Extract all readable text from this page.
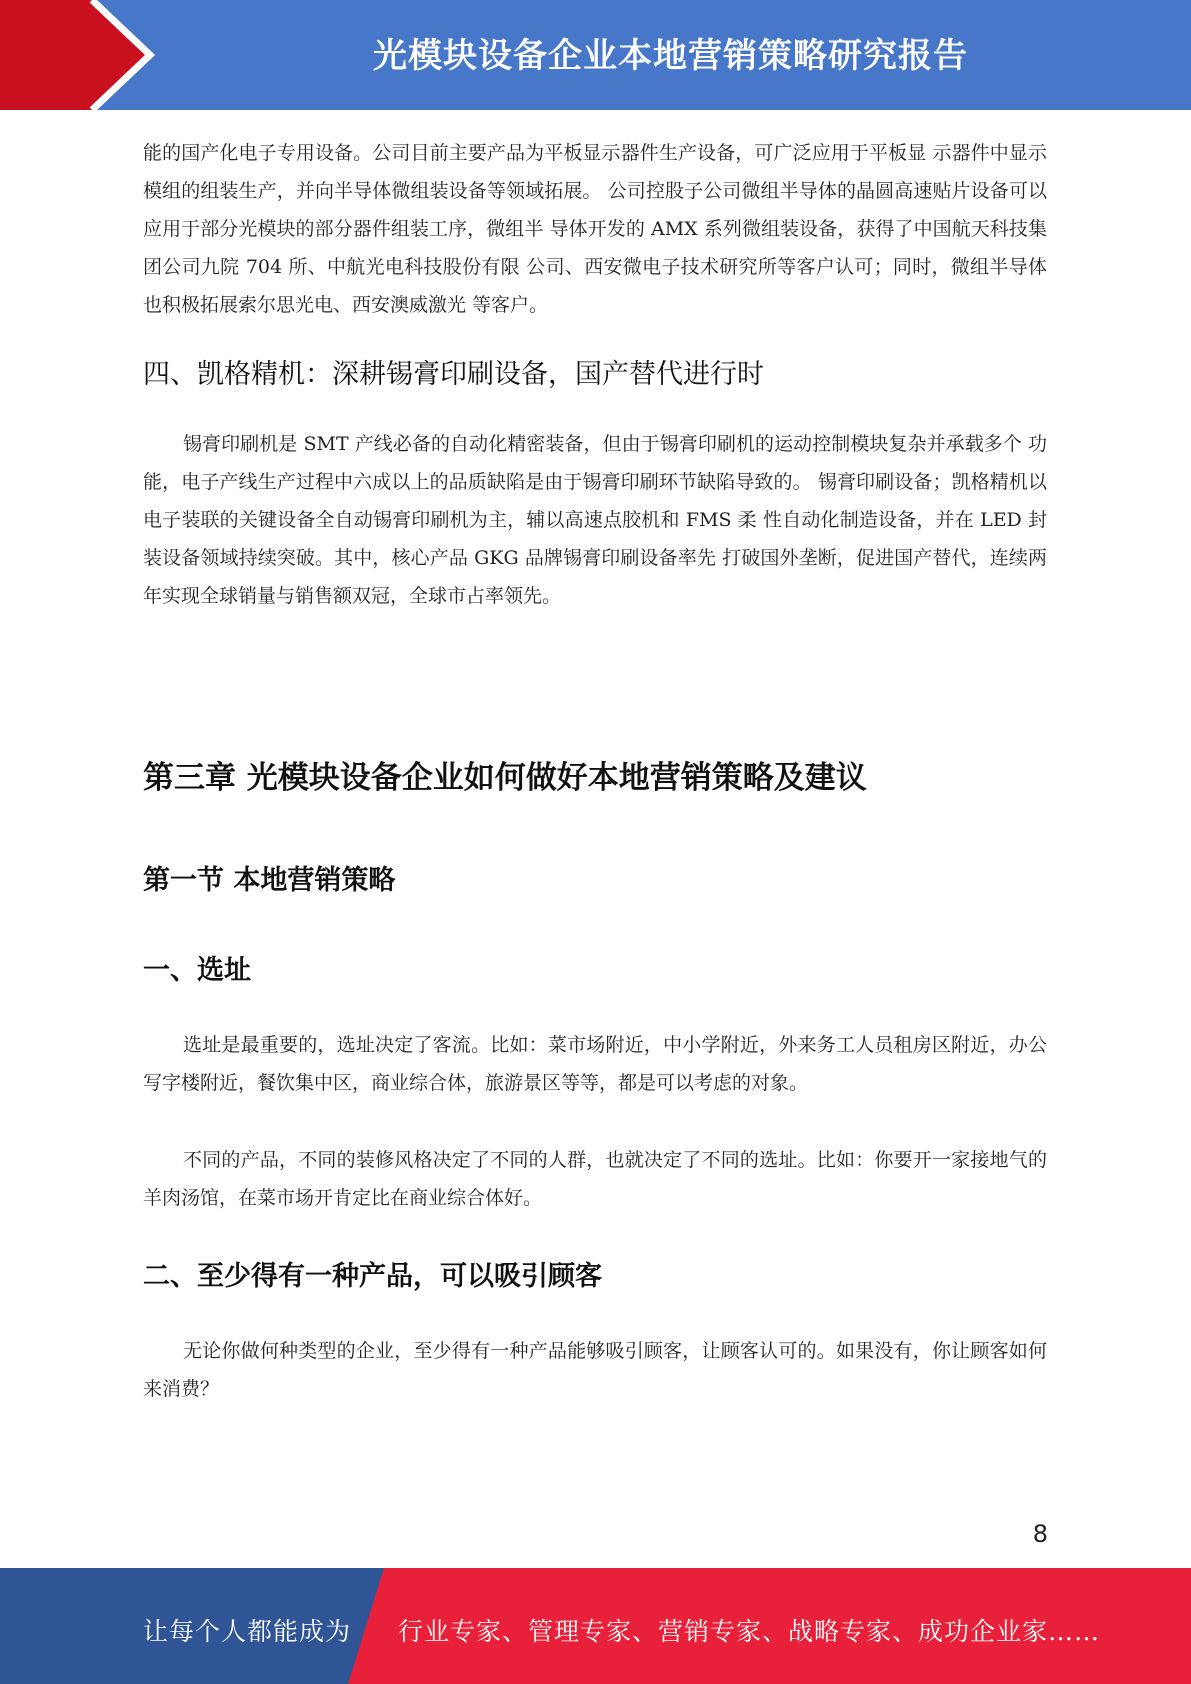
光模块设备企业本地营销策略研究报告

能的国产化电子专用设备。公司目前主要产品为平板显示器件生产设备，可广泛应用于平板显 示器件中显示模组的组装生产，并向半导体微组装设备等领域拓展。 公司控股子公司微组半导体的晶圆高速贴片设备可以应用于部分光模块的部分器件组装工序，微组半 导体开发的 AMX 系列微组装设备，获得了中国航天科技集团公司九院 704 所、中航光电科技股份有限 公司、西安微电子技术研究所等客户认可；同时，微组半导体也积极拓展索尔思光电、西安澳威激光 等客户。

四、凯格精机：深耕锡膏印刷设备，国产替代进行时

锡膏印刷机是 SMT 产线必备的自动化精密装备，但由于锡膏印刷机的运动控制模块复杂并承载多个 功能，电子产线生产过程中六成以上的品质缺陷是由于锡膏印刷环节缺陷导致的。 锡膏印刷设备；凯格精机以电子装联的关键设备全自动锡膏印刷机为主，辅以高速点胶机和 FMS 柔 性自动化制造设备，并在 LED 封装设备领域持续突破。其中，核心产品 GKG 品牌锡膏印刷设备率先 打破国外垄断，促进国产替代，连续两年实现全球销量与销售额双冠，全球市占率领先。

第三章 光模块设备企业如何做好本地营销策略及建议
第一节 本地营销策略
一、选址

选址是最重要的，选址决定了客流。比如：菜市场附近，中小学附近，外来务工人员租房区附近，办公写字楼附近，餐饮集中区，商业综合体，旅游景区等等，都是可以考虑的对象。

不同的产品，不同的装修风格决定了不同的人群，也就决定了不同的选址。比如：你要开一家接地气的羊肉汤馆，在菜市场开肯定比在商业综合体好。

二、至少得有一种产品，可以吸引顾客

无论你做何种类型的企业，至少得有一种产品能够吸引顾客，让顾客认可的。如果没有，你让顾客如何来消费？

8
让每个人都能成为 行业专家、管理专家、营销专家、战略专家、成功企业家……
